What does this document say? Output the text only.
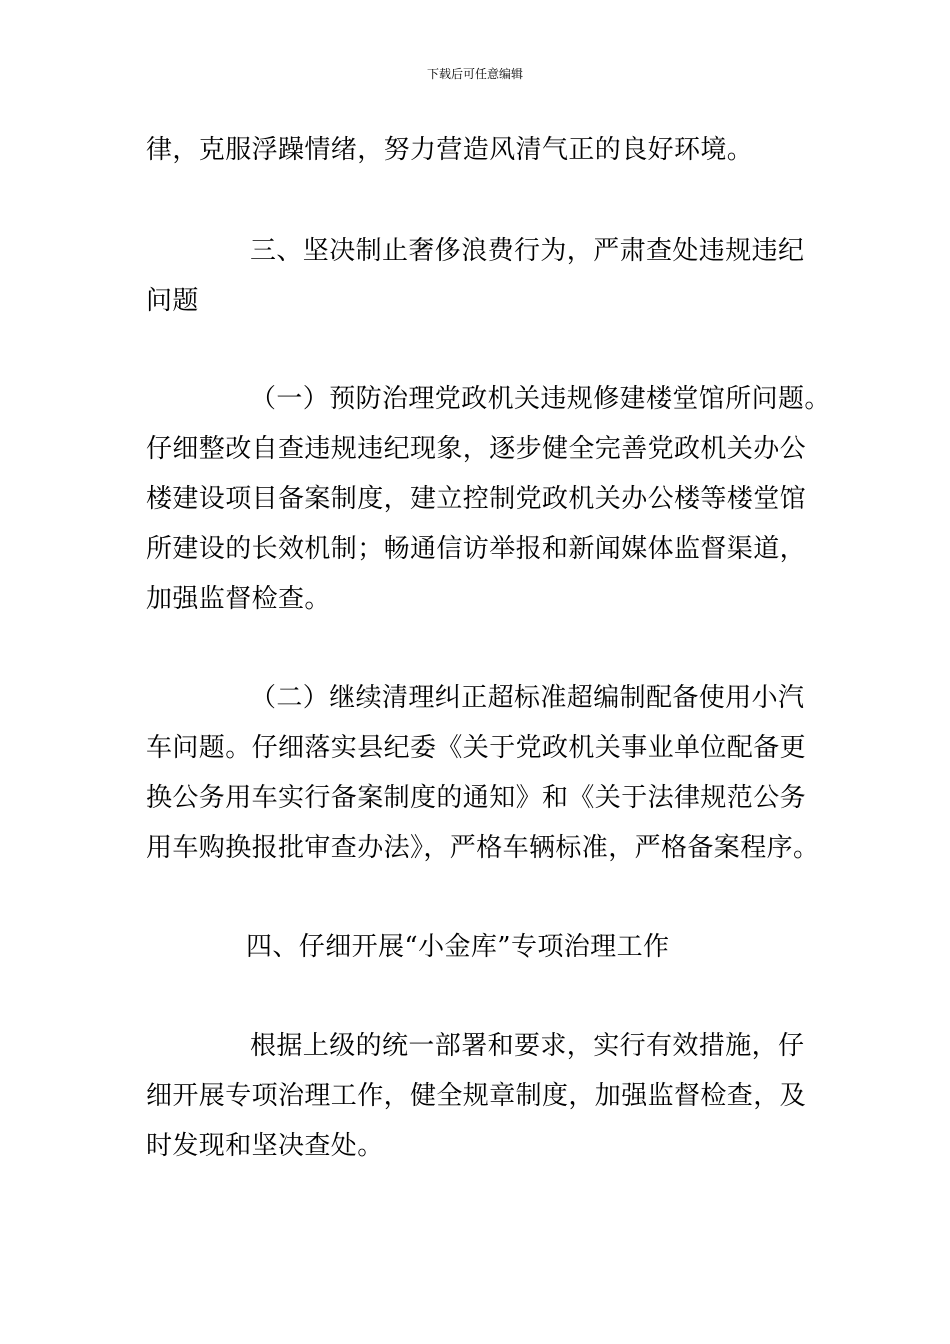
下载后可任意编辑
律，克服浮躁情绪，努力营造风清气正的良好环境。
三、坚决制止奢侈浪费行为，严肃查处违规违纪
问题
（一）预防治理党政机关违规修建楼堂馆所问题。
仔细整改自查违规违纪现象，逐步健全完善党政机关办公
楼建设项目备案制度，建立控制党政机关办公楼等楼堂馆
所建设的长效机制；畅通信访举报和新闻媒体监督渠道，
加强监督检查。
（二）继续清理纠正超标准超编制配备使用小汽
车问题。仔细落实县纪委《关于党政机关事业单位配备更
换公务用车实行备案制度的通知》和《关于法律规范公务
用车购换报批审查办法》，严格车辆标准，严格备案程序。
四、仔细开展“小金库”专项治理工作
根据上级的统一部署和要求，实行有效措施，仔
细开展专项治理工作，健全规章制度，加强监督检查，及
时发现和坚决查处。
